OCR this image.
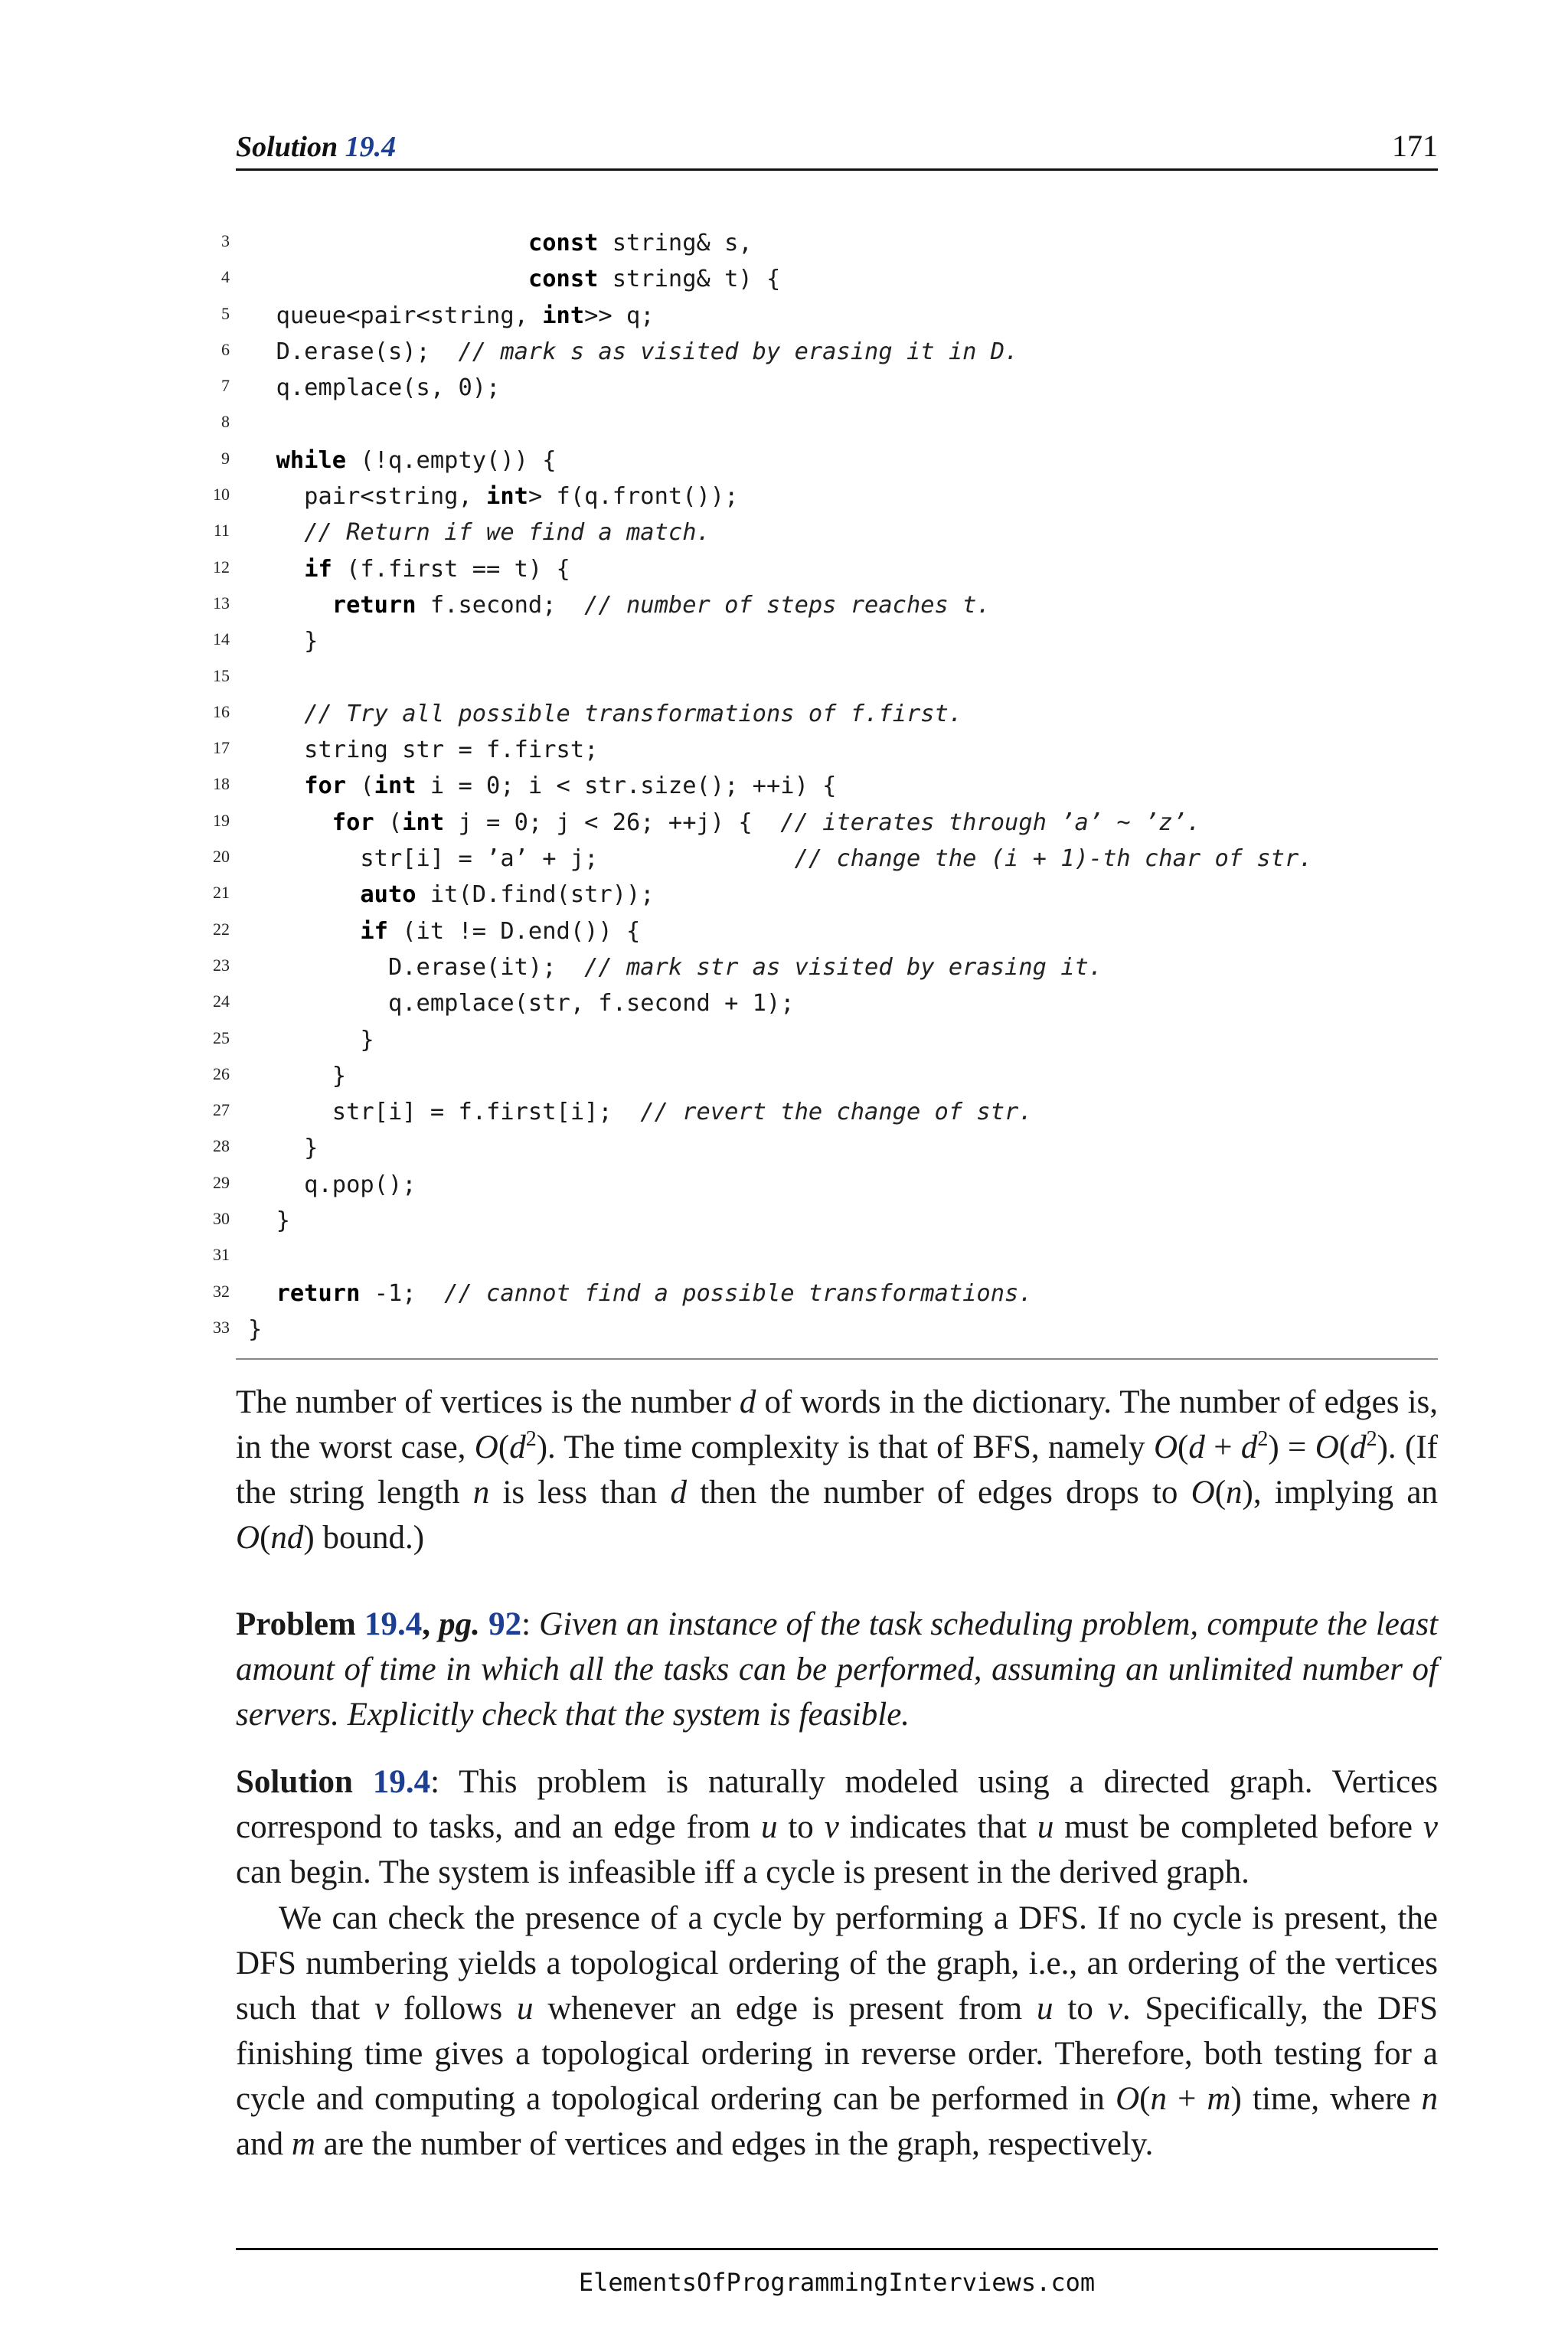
Solution 19.4	171
3	const string& s,
4	const string& t) {
5 queue<pair<string, int>> q;
6 D.erase(s);  // mark s as visited by erasing it in D.
7 q.emplace(s, 0);
8
9	while (!q.empty()) {
10 pair<string, int> f(q.front());
11	// Return if we find a match.
12	if (f.first == t) {
13	return f.second;  // number of steps reaches t.
14 }
15
16	// Try all possible transformations of f.first.
17 string str = f.first;
18	for (int i = 0; i < str.size(); ++i) {
19	for (int j = 0; j < 26; ++j) {  // iterates through ’a’ ~ ’z’.
20 str[i] = ’a’ + j;              // change the (i + 1)-th char of str.
21	auto it(D.find(str));
22	if (it != D.end()) {
23 D.erase(it);  // mark str as visited by erasing it.
24 q.emplace(str, f.second + 1);
25 }
26 }
27 str[i] = f.first[i];  // revert the change of str.
28 }
29 q.pop();
30 }
31
32	return -1;  // cannot find a possible transformations.
33 }

The number of vertices is the number d of words in the dictionary. The number of edges is, in the worst case, $O(d^2)$. The time complexity is that of BFS, namely $O(d + d^2) = O(d^2)$. (If the string length n is less than d then the number of edges drops to O(n), implying an O(nd) bound.)

Problem 19.4, pg. 92: Given an instance of the task scheduling problem, compute the least amount of time in which all the tasks can be performed, assuming an unlimited number of servers. Explicitly check that the system is feasible.

Solution 19.4: This problem is naturally modeled using a directed graph. Vertices correspond to tasks, and an edge from u to v indicates that u must be completed before v can begin. The system is infeasible iff a cycle is present in the derived graph.

We can check the presence of a cycle by performing a DFS. If no cycle is present, the DFS numbering yields a topological ordering of the graph, i.e., an ordering of the vertices such that v follows u whenever an edge is present from u to v. Specifically, the DFS finishing time gives a topological ordering in reverse order. Therefore, both testing for a cycle and computing a topological ordering can be performed in O(n + m) time, where n and m are the number of vertices and edges in the graph, respectively.

ElementsOfProgrammingInterviews.com
